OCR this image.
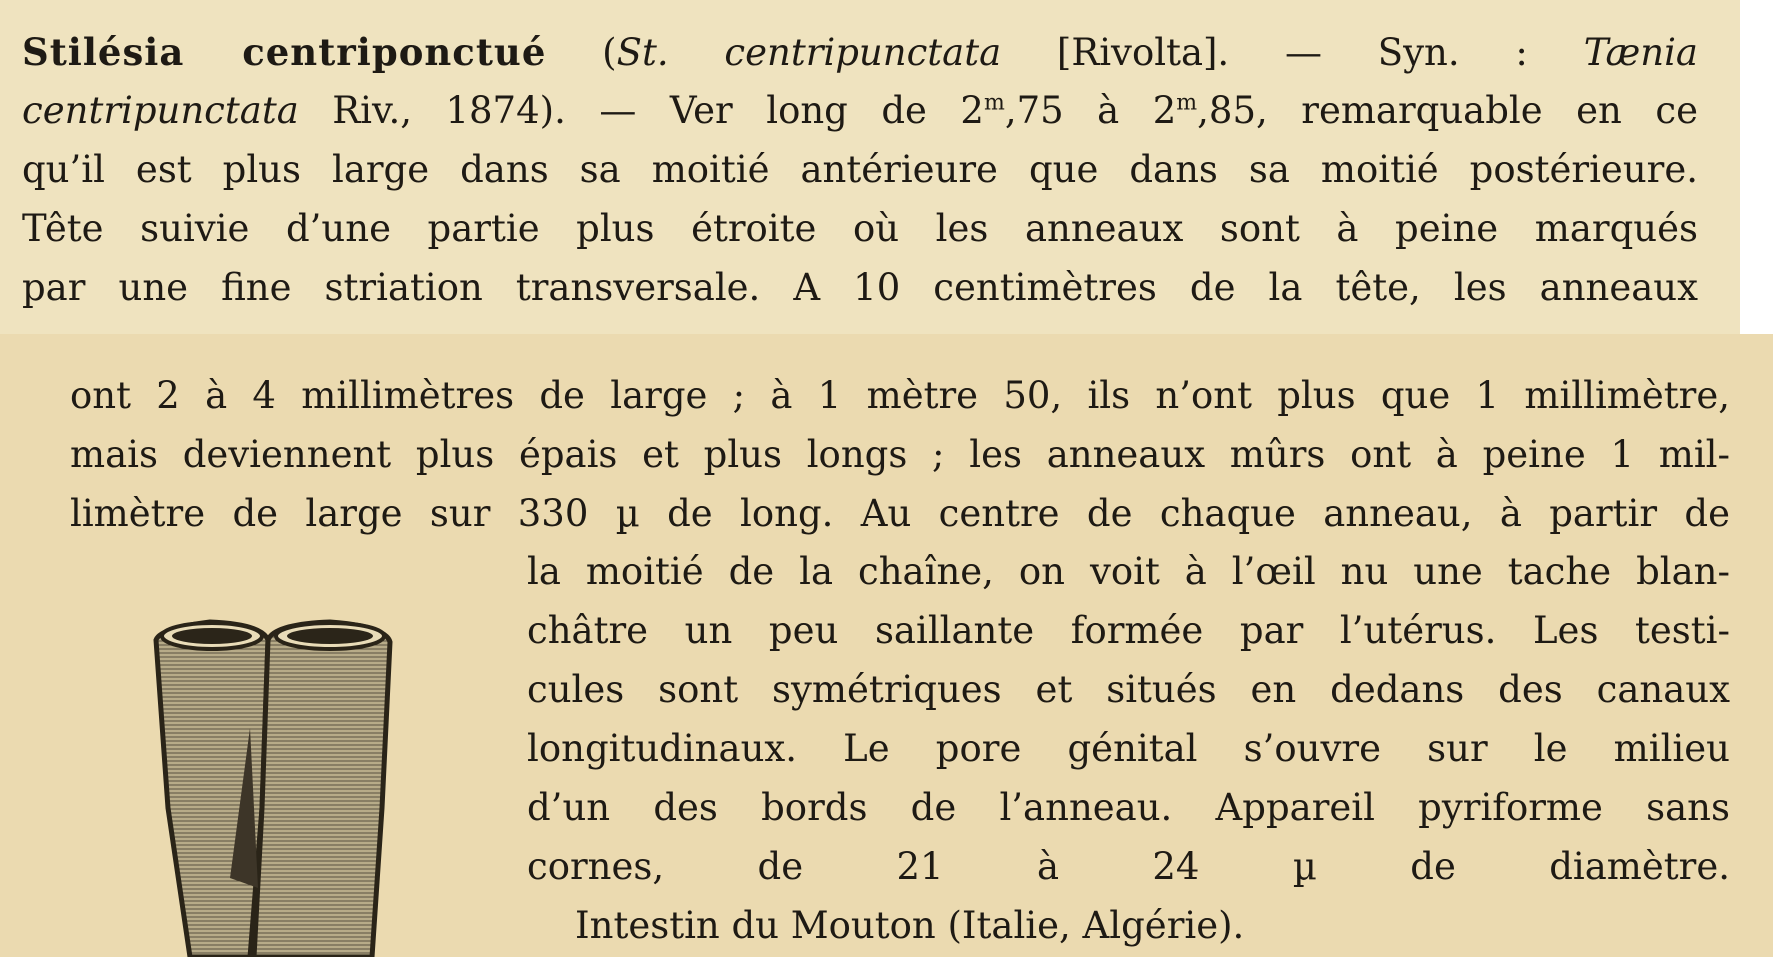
Stilésia centriponctué (St. centripunctata [Rivolta]. — Syn. : Tænia
centripunctata Riv., 1874). — Ver long de 2$^m$,75 à 2$^m$,85, remarquable en ce
qu’il est plus large dans sa moitié antérieure que dans sa moitié postérieure.
Tête suivie d’une partie plus étroite où les anneaux sont à peine marqués
par une fine striation transversale. A 10 centimètres de la tête, les anneaux
ont 2 à 4 millimètres de large ; à 1 mètre 50, ils n’ont plus que 1 millimètre,
mais deviennent plus épais et plus longs ; les anneaux mûrs ont à peine 1 mil-
limètre de large sur 330 µ de long. Au centre de chaque anneau, à partir de
la moitié de la chaîne, on voit à l’œil nu une tache blan-
châtre un peu saillante formée par l’utérus. Les testi-
cules sont symétriques et situés en dedans des canaux
longitudinaux. Le pore génital s’ouvre sur le milieu
d’un des bords de l’anneau. Appareil pyriforme sans
cornes, de 21 à 24 µ de diamètre.
Intestin du Mouton (Italie, Algérie).
